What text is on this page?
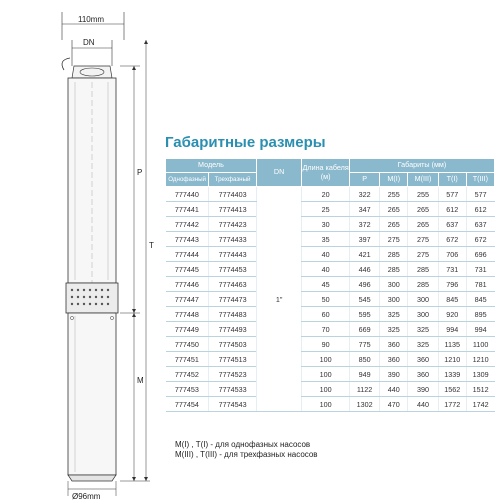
110mm
DN
P
T
M
Ø96mm
Габаритные размеры
Модель		DN	Длина кабеля (м)	Габариты (мм)				
Однофазный	Трехфазный			P	M(I)	M(III)	T(I)	T(III)
777440	7774403	1"	20	322	255	255	577	577
777441	7774413		25	347	265	265	612	612
777442	7774423		30	372	265	265	637	637
777443	7774433		35	397	275	275	672	672
777444	7774443		40	421	285	275	706	696
777445	7774453		40	446	285	285	731	731
777446	7774463		45	496	300	285	796	781
777447	7774473		50	545	300	300	845	845
777448	7774483		60	595	325	300	920	895
777449	7774493		70	669	325	325	994	994
777450	7774503		90	775	360	325	1135	1100
777451	7774513		100	850	360	360	1210	1210
777452	7774523		100	949	390	360	1339	1309
777453	7774533		100	1122	440	390	1562	1512
777454	7774543		100	1302	470	440	1772	1742
M(I) , T(I) - для однофазных насосов
M(III) , T(III) - для трехфазных насосов
